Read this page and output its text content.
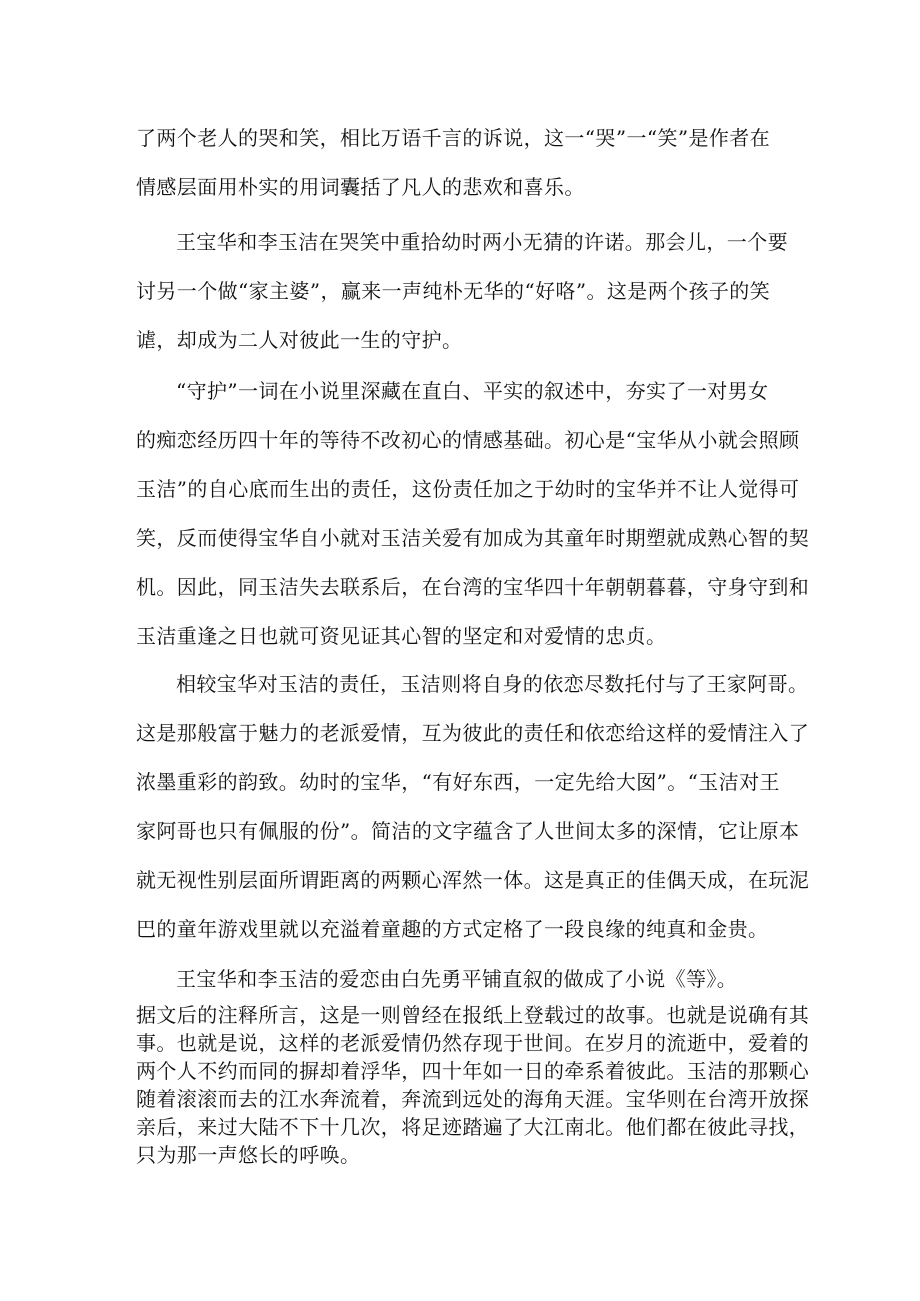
了两个老人的哭和笑，相比万语千言的诉说，这一“哭”一“笑”是作者在
情感层面用朴实的用词囊括了凡人的悲欢和喜乐。

王宝华和李玉洁在哭笑中重拾幼时两小无猜的许诺。那会儿，一个要
讨另一个做“家主婆”，赢来一声纯朴无华的“好咯”。这是两个孩子的笑
谑，却成为二人对彼此一生的守护。

“守护”一词在小说里深藏在直白、平实的叙述中，夯实了一对男女
的痴恋经历四十年的等待不改初心的情感基础。初心是“宝华从小就会照顾
玉洁”的自心底而生出的责任，这份责任加之于幼时的宝华并不让人觉得可
笑，反而使得宝华自小就对玉洁关爱有加成为其童年时期塑就成熟心智的契
机。因此，同玉洁失去联系后，在台湾的宝华四十年朝朝暮暮，守身守到和
玉洁重逢之日也就可资见证其心智的坚定和对爱情的忠贞。

相较宝华对玉洁的责任，玉洁则将自身的依恋尽数托付与了王家阿哥。
这是那般富于魅力的老派爱情，互为彼此的责任和依恋给这样的爱情注入了
浓墨重彩的韵致。幼时的宝华，“有好东西，一定先给大囡”。“玉洁对王
家阿哥也只有佩服的份”。简洁的文字蕴含了人世间太多的深情，它让原本
就无视性别层面所谓距离的两颗心浑然一体。这是真正的佳偶天成，在玩泥
巴的童年游戏里就以充溢着童趣的方式定格了一段良缘的纯真和金贵。

王宝华和李玉洁的爱恋由白先勇平铺直叙的做成了小说《等》。

据文后的注释所言，这是一则曾经在报纸上登载过的故事。也就是说确有其
事。也就是说，这样的老派爱情仍然存现于世间。在岁月的流逝中，爱着的
两个人不约而同的摒却着浮华，四十年如一日的牵系着彼此。玉洁的那颗心
随着滚滚而去的江水奔流着，奔流到远处的海角天涯。宝华则在台湾开放探
亲后，来过大陆不下十几次，将足迹踏遍了大江南北。他们都在彼此寻找，
只为那一声悠长的呼唤。
